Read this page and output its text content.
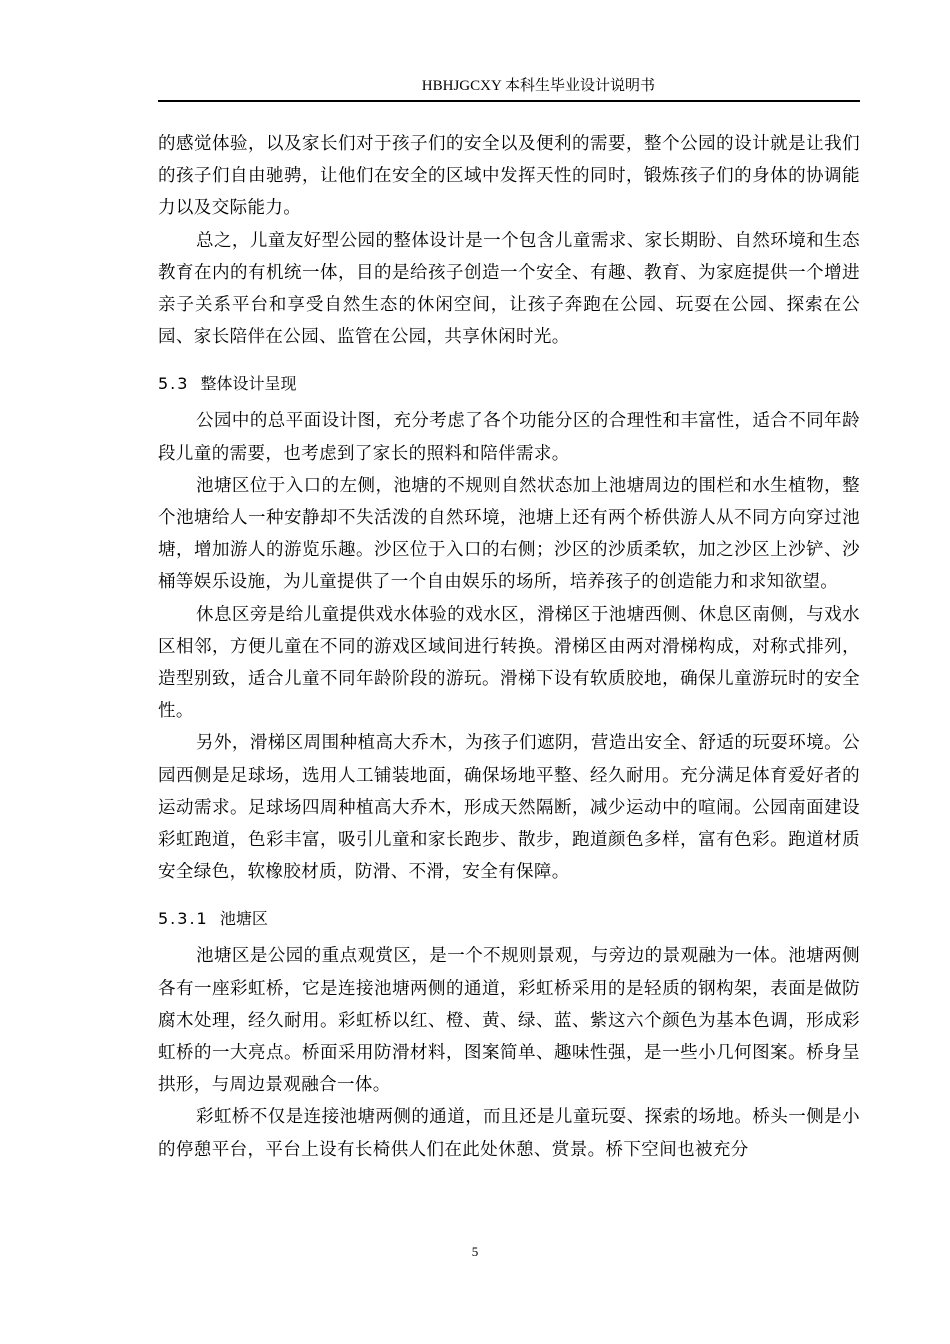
HBHJGCXY 本科生毕业设计说明书

的感觉体验，以及家长们对于孩子们的安全以及便利的需要，整个公园的设计就是让我们的孩子们自由驰骋，让他们在安全的区域中发挥天性的同时，锻炼孩子们的身体的协调能力以及交际能力。

总之，儿童友好型公园的整体设计是一个包含儿童需求、家长期盼、自然环境和生态教育在内的有机统一体，目的是给孩子创造一个安全、有趣、教育、为家庭提供一个增进亲子关系平台和享受自然生态的休闲空间，让孩子奔跑在公园、玩耍在公园、探索在公园、家长陪伴在公园、监管在公园，共享休闲时光。

5.3 整体设计呈现

公园中的总平面设计图，充分考虑了各个功能分区的合理性和丰富性，适合不同年龄段儿童的需要，也考虑到了家长的照料和陪伴需求。

池塘区位于入口的左侧，池塘的不规则自然状态加上池塘周边的围栏和水生植物，整个池塘给人一种安静却不失活泼的自然环境，池塘上还有两个桥供游人从不同方向穿过池塘，增加游人的游览乐趣。沙区位于入口的右侧；沙区的沙质柔软，加之沙区上沙铲、沙桶等娱乐设施，为儿童提供了一个自由娱乐的场所，培养孩子的创造能力和求知欲望。

休息区旁是给儿童提供戏水体验的戏水区，滑梯区于池塘西侧、休息区南侧，与戏水区相邻，方便儿童在不同的游戏区域间进行转换。滑梯区由两对滑梯构成，对称式排列，造型别致，适合儿童不同年龄阶段的游玩。滑梯下设有软质胶地，确保儿童游玩时的安全性。

另外，滑梯区周围种植高大乔木，为孩子们遮阴，营造出安全、舒适的玩耍环境。公园西侧是足球场，选用人工铺装地面，确保场地平整、经久耐用。充分满足体育爱好者的运动需求。足球场四周种植高大乔木，形成天然隔断，减少运动中的喧闹。公园南面建设彩虹跑道，色彩丰富，吸引儿童和家长跑步、散步，跑道颜色多样，富有色彩。跑道材质安全绿色，软橡胶材质，防滑、不滑，安全有保障。

5.3.1 池塘区

池塘区是公园的重点观赏区，是一个不规则景观，与旁边的景观融为一体。池塘两侧各有一座彩虹桥，它是连接池塘两侧的通道，彩虹桥采用的是轻质的钢构架，表面是做防腐木处理，经久耐用。彩虹桥以红、橙、黄、绿、蓝、紫这六个颜色为基本色调，形成彩虹桥的一大亮点。桥面采用防滑材料，图案简单、趣味性强，是一些小几何图案。桥身呈拱形，与周边景观融合一体。

彩虹桥不仅是连接池塘两侧的通道，而且还是儿童玩耍、探索的场地。桥头一侧是小的停憩平台，平台上设有长椅供人们在此处休憩、赏景。桥下空间也被充分

5
